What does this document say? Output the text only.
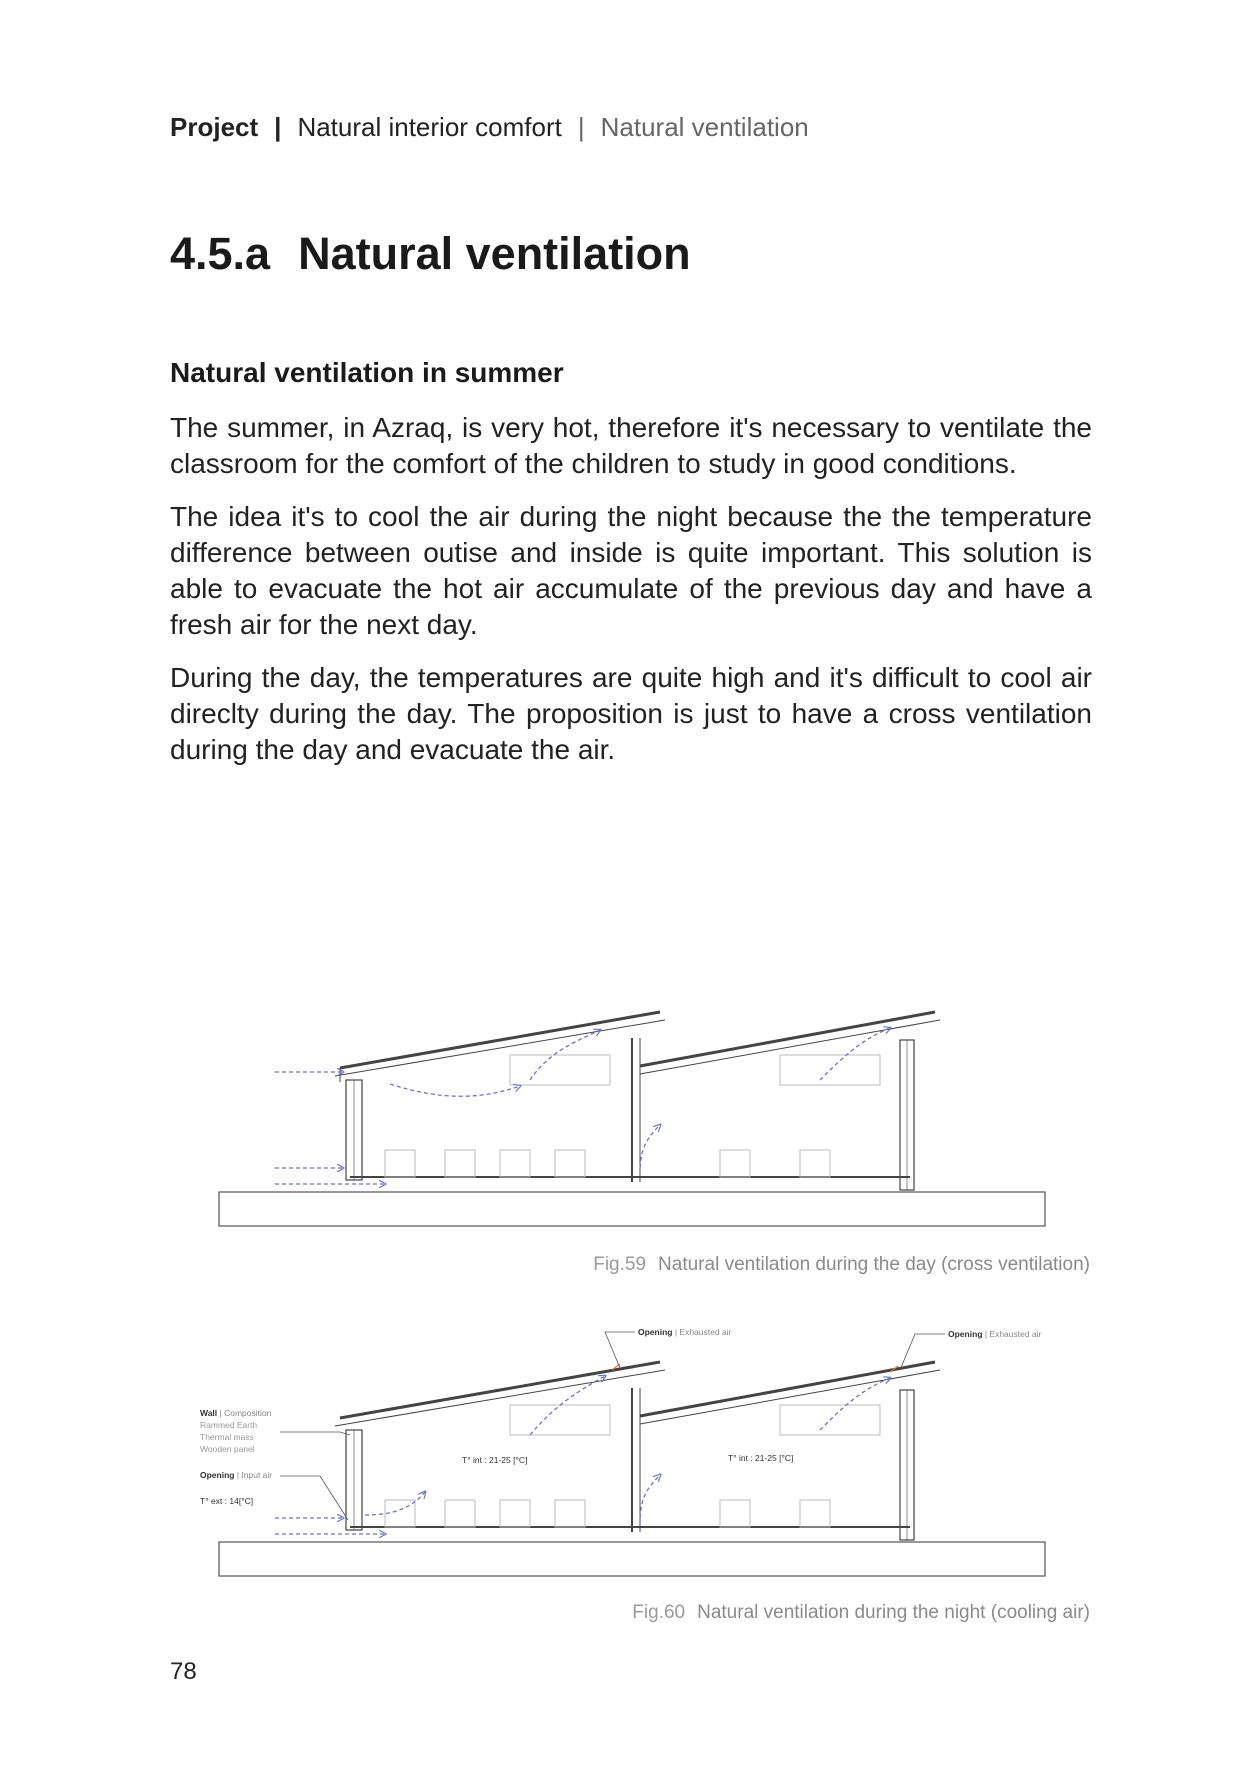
Project | Natural interior comfort | Natural ventilation
4.5.a Natural ventilation
Natural ventilation in summer

The summer, in Azraq, is very hot, therefore it's necessary to ventilate the classroom for the comfort of the children to study in good conditions.

The idea it's to cool the air during the night because the the temperature difference between outise and inside is quite important. This solution is able to evacuate the hot air accumulate of the previous day and have a fresh air for the next day.

During the day, the temperatures are quite high and it's difficult to cool air direclty during the day. The proposition is just to have a cross ventilation during the day and evacuate the air.

Fig.59 Natural ventilation during the day (cross ventilation)
Opening | Exhausted air	Opening | Exhausted air
Wall | Composition
Rammed Earth
Thermal mass
Wooden panel
Opening | Input air
T° ext : 14[°C]
T° int : 21-25 [°C]	T° int : 21-25 [°C]
Fig.60 Natural ventilation during the night (cooling air)
78
